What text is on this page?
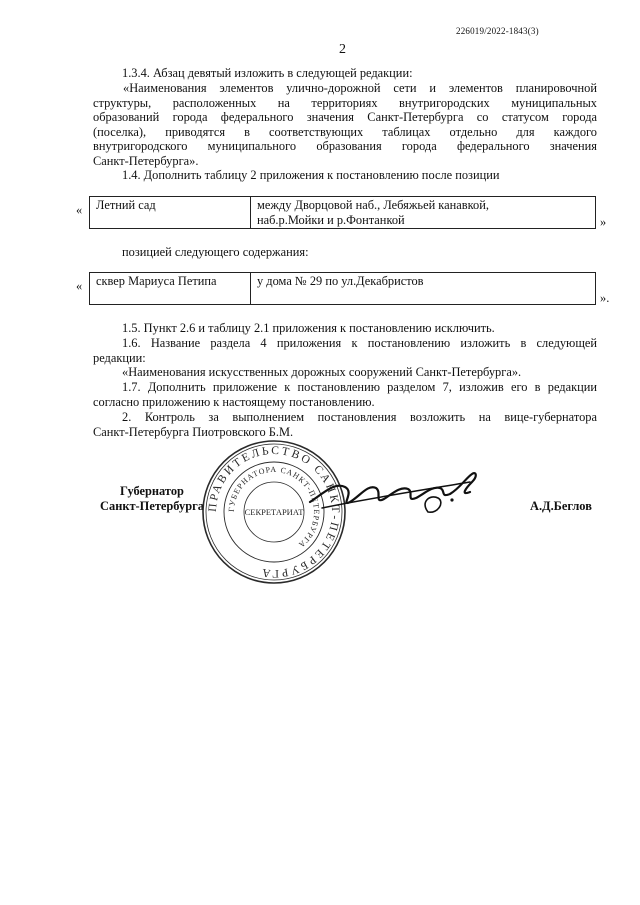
226019/2022-1843(3)
2
1.3.4. Абзац девятый изложить в следующей редакции:
«Наименования элементов улично-дорожной сети и элементов планировочной
структуры, расположенных на территориях внутригородских муниципальных
образований города федерального значения Санкт-Петербурга со статусом города
(поселка), приводятся в соответствующих таблицах отдельно для каждого
внутригородского муниципального образования города федерального значения
Санкт-Петербурга».
1.4. Дополнить таблицу 2 приложения к постановлению после позиции
« Летний сад	между Дворцовой наб., Лебяжьей канавкой,
наб.р.Мойки и р.Фонтанкой	»
позицией следующего содержания:
« сквер Мариуса Петипа	у дома № 29 по ул.Декабристов
».
1.5. Пункт 2.6 и таблицу 2.1 приложения к постановлению исключить.
1.6. Название раздела 4 приложения к постановлению изложить в следующей
редакции:
«Наименования искусственных дорожных сооружений Санкт-Петербурга».
1.7. Дополнить приложение к постановлению разделом 7, изложив его в редакции
согласно приложению к настоящему постановлению.
2. Контроль за выполнением постановления возложить на вице-губернатора
Санкт-Петербурга Пиотровского Б.М.
Губернатор
Санкт-Петербурга	А.Д.Беглов
ПРАВИТЕЛЬСТВО САНКТ-ПЕТЕРБУРГА
ГУБЕРНАТОРА САНКТ-ПЕТЕРБУРГА
СЕКРЕТАРИАТ
